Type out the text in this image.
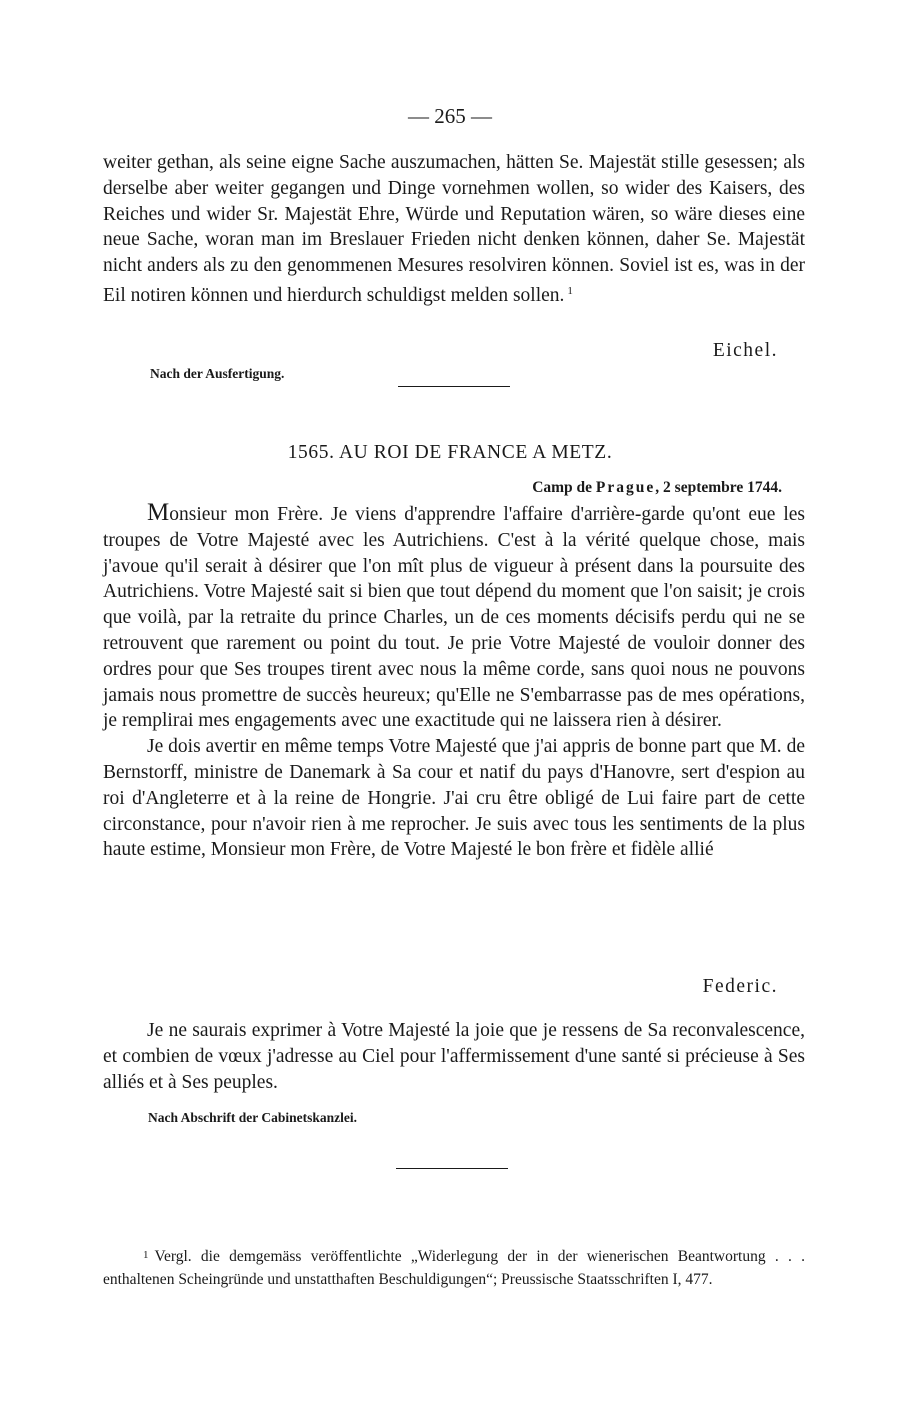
— 265 —

weiter gethan, als seine eigne Sache auszumachen, hätten Se. Majestät stille gesessen; als derselbe aber weiter gegangen und Dinge vornehmen wollen, so wider des Kaisers, des Reiches und wider Sr. Majestät Ehre, Würde und Reputation wären, so wäre dieses eine neue Sache, woran man im Breslauer Frieden nicht denken können, daher Se. Majestät nicht anders als zu den genommenen Mesures resolviren können. Soviel ist es, was in der Eil notiren können und hierdurch schuldigst melden sollen. $^1$

Eichel.
Nach der Ausfertigung.
1565. AU ROI DE FRANCE A METZ.
Camp de Prague, 2 septembre 1744.

Monsieur mon Frère. Je viens d'apprendre l'affaire d'arrière-garde qu'ont eue les troupes de Votre Majesté avec les Autrichiens. C'est à la vérité quelque chose, mais j'avoue qu'il serait à désirer que l'on mît plus de vigueur à présent dans la poursuite des Autrichiens. Votre Majesté sait si bien que tout dépend du moment que l'on saisit; je crois que voilà, par la retraite du prince Charles, un de ces moments décisifs perdu qui ne se retrouvent que rarement ou point du tout. Je prie Votre Majesté de vouloir donner des ordres pour que Ses troupes tirent avec nous la même corde, sans quoi nous ne pouvons jamais nous promettre de succès heureux; qu'Elle ne S'embarrasse pas de mes opérations, je remplirai mes engagements avec une exactitude qui ne laissera rien à désirer.

Je dois avertir en même temps Votre Majesté que j'ai appris de bonne part que M. de Bernstorff, ministre de Danemark à Sa cour et natif du pays d'Hanovre, sert d'espion au roi d'Angleterre et à la reine de Hongrie. J'ai cru être obligé de Lui faire part de cette circonstance, pour n'avoir rien à me reprocher. Je suis avec tous les sentiments de la plus haute estime, Monsieur mon Frère, de Votre Majesté le bon frère et fidèle allié

Federic.

Je ne saurais exprimer à Votre Majesté la joie que je ressens de Sa reconvalescence, et combien de vœux j'adresse au Ciel pour l'affermissement d'une santé si précieuse à Ses alliés et à Ses peuples.

Nach Abschrift der Cabinetskanzlei.

1 Vergl. die demgemäss veröffentlichte „Widerlegung der in der wienerischen Beantwortung . . . enthaltenen Scheingründe und unstatthaften Beschuldigungen“; Preussische Staatsschriften I, 477.
